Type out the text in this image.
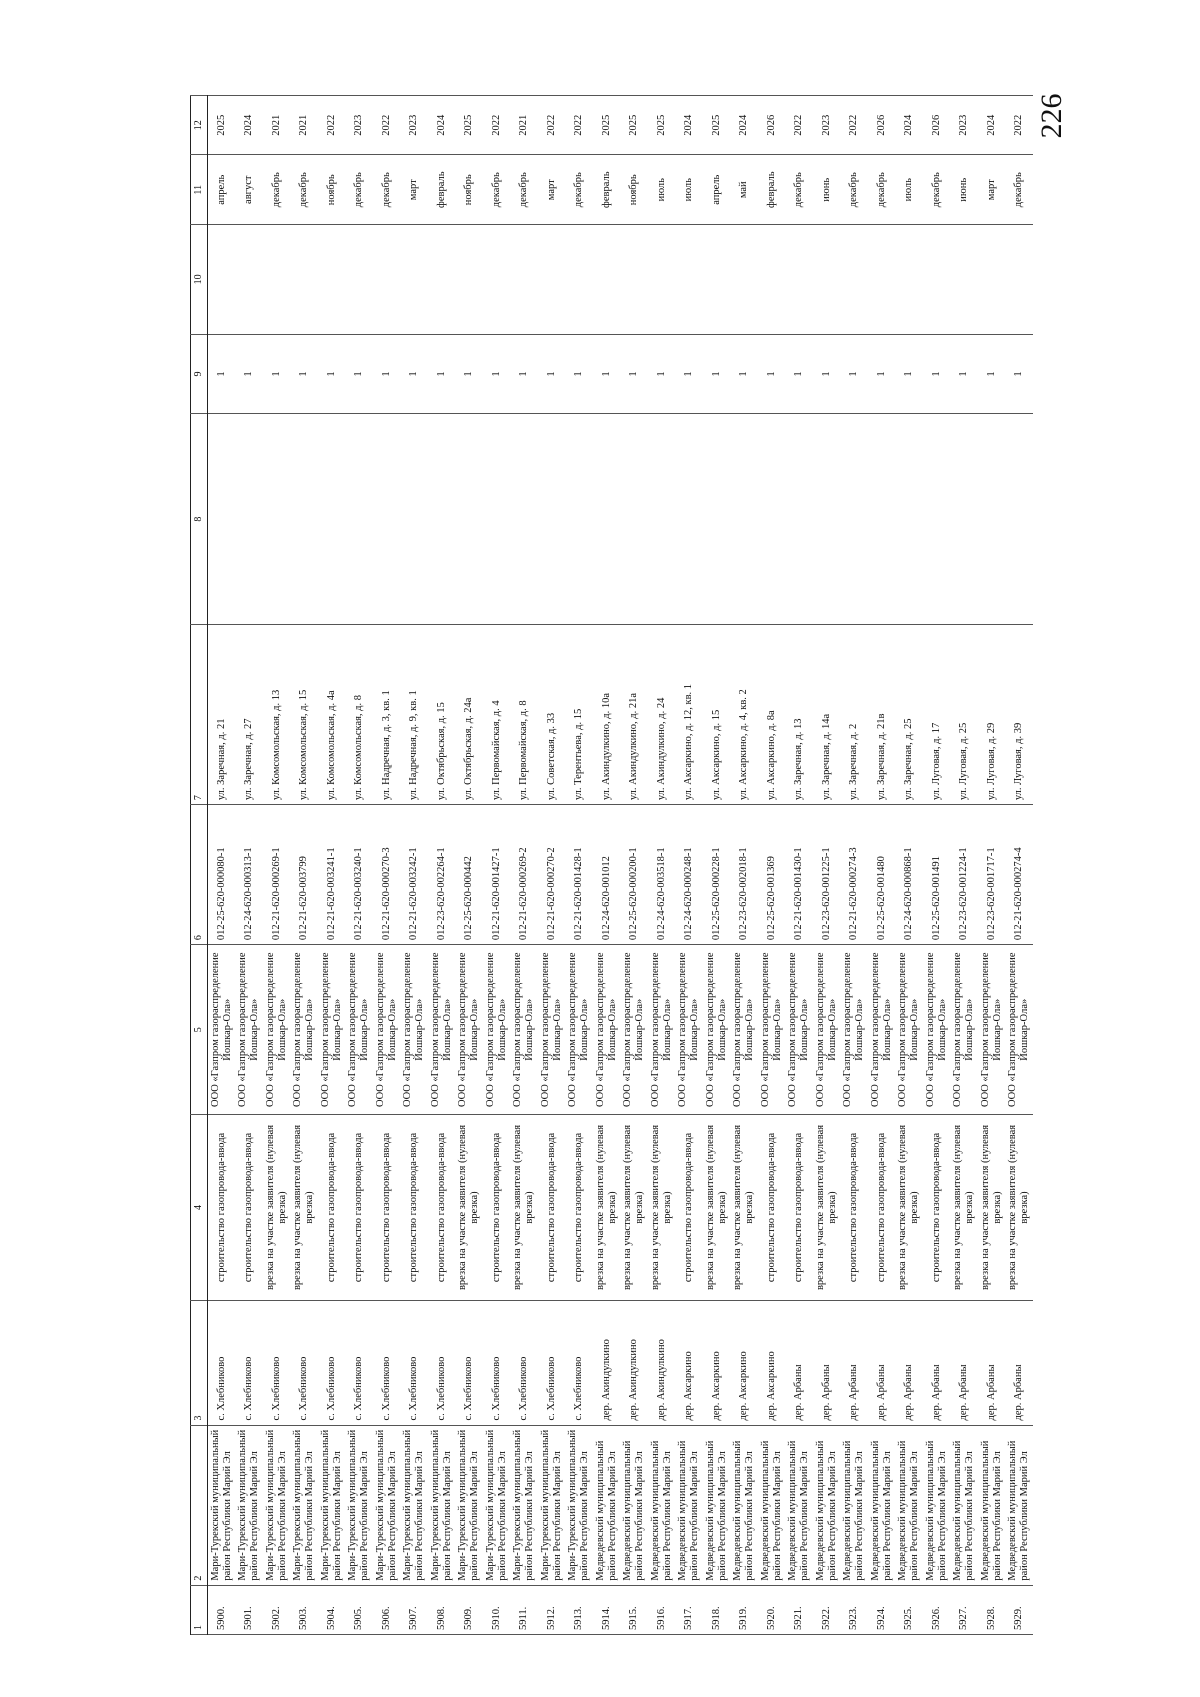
226
1	2	3	4	5	6	7	8	9	10	11	12
5900.	Мари-Турекский муниципальный район Республики Марий Эл	с. Хлебниково	строительство газопровода-ввода	ООО «Газпром газораспределение Йошкар-Ола»	012-25-620-000080-1	ул. Заречная, д. 21		1		апрель	2025
5901.	Мари-Турекский муниципальный район Республики Марий Эл	с. Хлебниково	строительство газопровода-ввода	ООО «Газпром газораспределение Йошкар-Ола»	012-24-620-000313-1	ул. Заречная, д. 27		1		август	2024
5902.	Мари-Турекский муниципальный район Республики Марий Эл	с. Хлебниково	врезка на участке заявителя (нулевая врезка)	ООО «Газпром газораспределение Йошкар-Ола»	012-21-620-000269-1	ул. Комсомольская, д. 13		1		декабрь	2021
5903.	Мари-Турекский муниципальный район Республики Марий Эл	с. Хлебниково	врезка на участке заявителя (нулевая врезка)	ООО «Газпром газораспределение Йошкар-Ола»	012-21-620-003799	ул. Комсомольская, д. 15		1		декабрь	2021
5904.	Мари-Турекский муниципальный район Республики Марий Эл	с. Хлебниково	строительство газопровода-ввода	ООО «Газпром газораспределение Йошкар-Ола»	012-21-620-003241-1	ул. Комсомольская, д. 4а		1		ноябрь	2022
5905.	Мари-Турекский муниципальный район Республики Марий Эл	с. Хлебниково	строительство газопровода-ввода	ООО «Газпром газораспределение Йошкар-Ола»	012-21-620-003240-1	ул. Комсомольская, д. 8		1		декабрь	2023
5906.	Мари-Турекский муниципальный район Республики Марий Эл	с. Хлебниково	строительство газопровода-ввода	ООО «Газпром газораспределение Йошкар-Ола»	012-21-620-000270-3	ул. Надречная, д. 3, кв. 1		1		декабрь	2022
5907.	Мари-Турекский муниципальный район Республики Марий Эл	с. Хлебниково	строительство газопровода-ввода	ООО «Газпром газораспределение Йошкар-Ола»	012-21-620-003242-1	ул. Надречная, д. 9, кв. 1		1		март	2023
5908.	Мари-Турекский муниципальный район Республики Марий Эл	с. Хлебниково	строительство газопровода-ввода	ООО «Газпром газораспределение Йошкар-Ола»	012-23-620-002264-1	ул. Октябрьская, д. 15		1		февраль	2024
5909.	Мари-Турекский муниципальный район Республики Марий Эл	с. Хлебниково	врезка на участке заявителя (нулевая врезка)	ООО «Газпром газораспределение Йошкар-Ола»	012-25-620-000442	ул. Октябрьская, д. 24а		1		ноябрь	2025
5910.	Мари-Турекский муниципальный район Республики Марий Эл	с. Хлебниково	строительство газопровода-ввода	ООО «Газпром газораспределение Йошкар-Ола»	012-21-620-001427-1	ул. Первомайская, д. 4		1		декабрь	2022
5911.	Мари-Турекский муниципальный район Республики Марий Эл	с. Хлебниково	врезка на участке заявителя (нулевая врезка)	ООО «Газпром газораспределение Йошкар-Ола»	012-21-620-000269-2	ул. Первомайская, д. 8		1		декабрь	2021
5912.	Мари-Турекский муниципальный район Республики Марий Эл	с. Хлебниково	строительство газопровода-ввода	ООО «Газпром газораспределение Йошкар-Ола»	012-21-620-000270-2	ул. Советская, д. 33		1		март	2022
5913.	Мари-Турекский муниципальный район Республики Марий Эл	с. Хлебниково	строительство газопровода-ввода	ООО «Газпром газораспределение Йошкар-Ола»	012-21-620-001428-1	ул. Терентьева, д. 15		1		декабрь	2022
5914.	Медведевский муниципальный район Республики Марий Эл	дер. Акиндулкино	врезка на участке заявителя (нулевая врезка)	ООО «Газпром газораспределение Йошкар-Ола»	012-24-620-001012	ул. Акиндулкино, д. 10а		1		февраль	2025
5915.	Медведевский муниципальный район Республики Марий Эл	дер. Акиндулкино	врезка на участке заявителя (нулевая врезка)	ООО «Газпром газораспределение Йошкар-Ола»	012-25-620-000200-1	ул. Акиндулкино, д. 21а		1		ноябрь	2025
5916.	Медведевский муниципальный район Республики Марий Эл	дер. Акиндулкино	врезка на участке заявителя (нулевая врезка)	ООО «Газпром газораспределение Йошкар-Ола»	012-24-620-003518-1	ул. Акиндулкино, д. 24		1		июль	2025
5917.	Медведевский муниципальный район Республики Марий Эл	дер. Аксаркино	строительство газопровода-ввода	ООО «Газпром газораспределение Йошкар-Ола»	012-24-620-000248-1	ул. Аксаркино, д. 12, кв. 1		1		июль	2024
5918.	Медведевский муниципальный район Республики Марий Эл	дер. Аксаркино	врезка на участке заявителя (нулевая врезка)	ООО «Газпром газораспределение Йошкар-Ола»	012-25-620-000228-1	ул. Аксаркино, д. 15		1		апрель	2025
5919.	Медведевский муниципальный район Республики Марий Эл	дер. Аксаркино	врезка на участке заявителя (нулевая врезка)	ООО «Газпром газораспределение Йошкар-Ола»	012-23-620-002018-1	ул. Аксаркино, д. 4, кв. 2		1		май	2024
5920.	Медведевский муниципальный район Республики Марий Эл	дер. Аксаркино	строительство газопровода-ввода	ООО «Газпром газораспределение Йошкар-Ола»	012-25-620-001369	ул. Аксаркино, д. 8а		1		февраль	2026
5921.	Медведевский муниципальный район Республики Марий Эл	дер. Арбаны	строительство газопровода-ввода	ООО «Газпром газораспределение Йошкар-Ола»	012-21-620-001430-1	ул. Заречная, д. 13		1		декабрь	2022
5922.	Медведевский муниципальный район Республики Марий Эл	дер. Арбаны	врезка на участке заявителя (нулевая врезка)	ООО «Газпром газораспределение Йошкар-Ола»	012-23-620-001225-1	ул. Заречная, д. 14а		1		июнь	2023
5923.	Медведевский муниципальный район Республики Марий Эл	дер. Арбаны	строительство газопровода-ввода	ООО «Газпром газораспределение Йошкар-Ола»	012-21-620-000274-3	ул. Заречная, д. 2		1		декабрь	2022
5924.	Медведевский муниципальный район Республики Марий Эл	дер. Арбаны	строительство газопровода-ввода	ООО «Газпром газораспределение Йошкар-Ола»	012-25-620-001480	ул. Заречная, д. 21в		1		декабрь	2026
5925.	Медведевский муниципальный район Республики Марий Эл	дер. Арбаны	врезка на участке заявителя (нулевая врезка)	ООО «Газпром газораспределение Йошкар-Ола»	012-24-620-000868-1	ул. Заречная, д. 25		1		июль	2024
5926.	Медведевский муниципальный район Республики Марий Эл	дер. Арбаны	строительство газопровода-ввода	ООО «Газпром газораспределение Йошкар-Ола»	012-25-620-001491	ул. Луговая, д. 17		1		декабрь	2026
5927.	Медведевский муниципальный район Республики Марий Эл	дер. Арбаны	врезка на участке заявителя (нулевая врезка)	ООО «Газпром газораспределение Йошкар-Ола»	012-23-620-001224-1	ул. Луговая, д. 25		1		июнь	2023
5928.	Медведевский муниципальный район Республики Марий Эл	дер. Арбаны	врезка на участке заявителя (нулевая врезка)	ООО «Газпром газораспределение Йошкар-Ола»	012-23-620-001717-1	ул. Луговая, д. 29		1		март	2024
5929.	Медведевский муниципальный район Республики Марий Эл	дер. Арбаны	врезка на участке заявителя (нулевая врезка)	ООО «Газпром газораспределение Йошкар-Ола»	012-21-620-000274-4	ул. Луговая, д. 39		1		декабрь	2022
